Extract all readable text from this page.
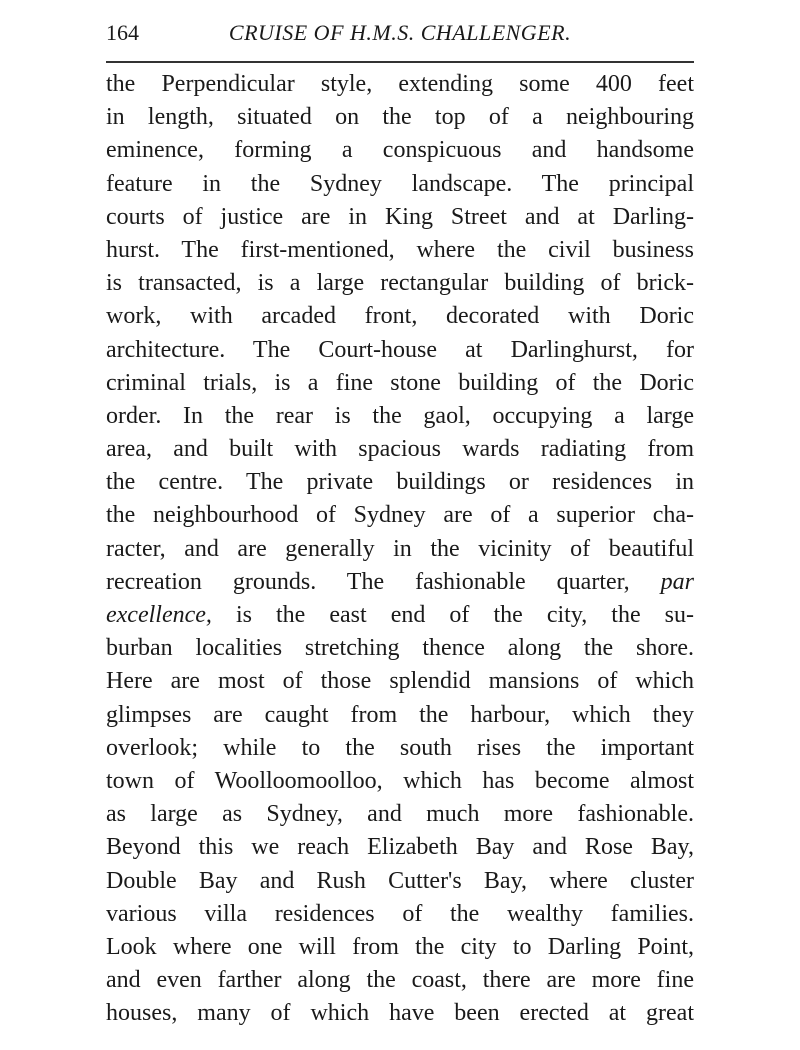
164	CRUISE OF H.M.S. CHALLENGER.
the Perpendicular style, extending some 400 feet
in length, situated on the top of a neighbouring
eminence, forming a conspicuous and handsome
feature in the Sydney landscape. The principal
courts of justice are in King Street and at Darling-
hurst. The first-mentioned, where the civil business
is transacted, is a large rectangular building of brick-
work, with arcaded front, decorated with Doric
architecture. The Court-house at Darlinghurst, for
criminal trials, is a fine stone building of the Doric
order. In the rear is the gaol, occupying a large
area, and built with spacious wards radiating from
the centre. The private buildings or residences in
the neighbourhood of Sydney are of a superior cha-
racter, and are generally in the vicinity of beautiful
recreation grounds. The fashionable quarter, par
excellence, is the east end of the city, the su-
burban localities stretching thence along the shore.
Here are most of those splendid mansions of which
glimpses are caught from the harbour, which they
overlook; while to the south rises the important
town of Woolloomoolloo, which has become almost
as large as Sydney, and much more fashionable.
Beyond this we reach Elizabeth Bay and Rose Bay,
Double Bay and Rush Cutter's Bay, where cluster
various villa residences of the wealthy families.
Look where one will from the city to Darling Point,
and even farther along the coast, there are more fine
houses, many of which have been erected at great
